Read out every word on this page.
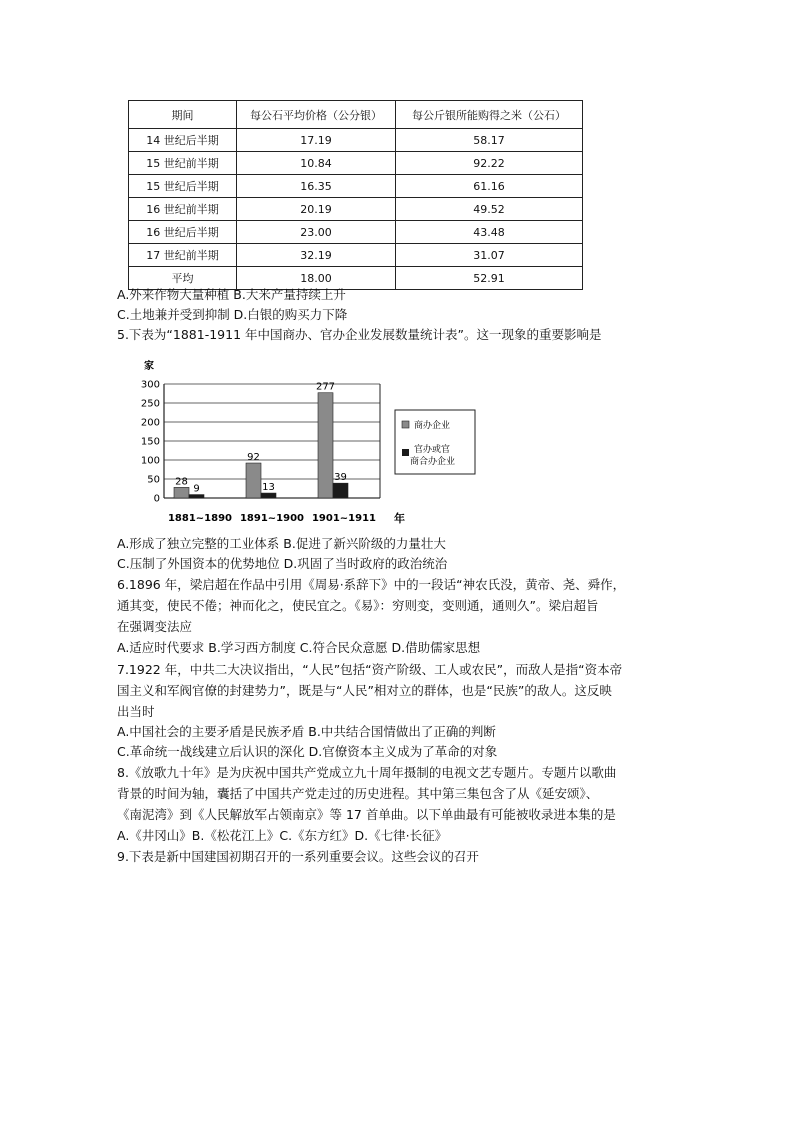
期间	每公石平均价格（公分银）	每公斤银所能购得之米（公石）
14 世纪后半期	17.19	58.17
15 世纪前半期	10.84	92.22
15 世纪后半期	16.35	61.16
16 世纪前半期	20.19	49.52
16 世纪后半期	23.00	43.48
17 世纪前半期	32.19	31.07
平均	18.00	52.91
A.外来作物大量种植 B.大米产量持续上升
C.土地兼并受到抑制 D.白银的购买力下降
5.下表为“1881-1911 年中国商办、官办企业发展数量统计表”。这一现象的重要影响是
300
250
200
150
100
50
0
28
9
92
13
277
39
1881~1890 1891~1900 1901~1911
家
年
商办企业
官办或官
商合办企业
A.形成了独立完整的工业体系 B.促进了新兴阶级的力量壮大
C.压制了外国资本的优势地位 D.巩固了当时政府的政治统治
6.1896 年，梁启超在作品中引用《周易·系辞下》中的一段话“神农氏没，黄帝、尧、舜作，
通其变，使民不倦；神而化之，使民宜之。《易》：穷则变，变则通，通则久”。梁启超旨
在强调变法应
A.适应时代要求 B.学习西方制度 C.符合民众意愿 D.借助儒家思想
7.1922 年，中共二大决议指出，“人民”包括“资产阶级、工人或农民”，而敌人是指“资本帝
国主义和军阀官僚的封建势力”，既是与“人民”相对立的群体，也是“民族”的敌人。这反映
出当时
A.中国社会的主要矛盾是民族矛盾 B.中共结合国情做出了正确的判断
C.革命统一战线建立后认识的深化 D.官僚资本主义成为了革命的对象
8.《放歌九十年》是为庆祝中国共产党成立九十周年摄制的电视文艺专题片。专题片以歌曲
背景的时间为轴，囊括了中国共产党走过的历史进程。其中第三集包含了从《延安颂》、
《南泥湾》到《人民解放军占领南京》等 17 首单曲。以下单曲最有可能被收录进本集的是
A.《井冈山》B.《松花江上》C.《东方红》D.《七律·长征》
9.下表是新中国建国初期召开的一系列重要会议。这些会议的召开
